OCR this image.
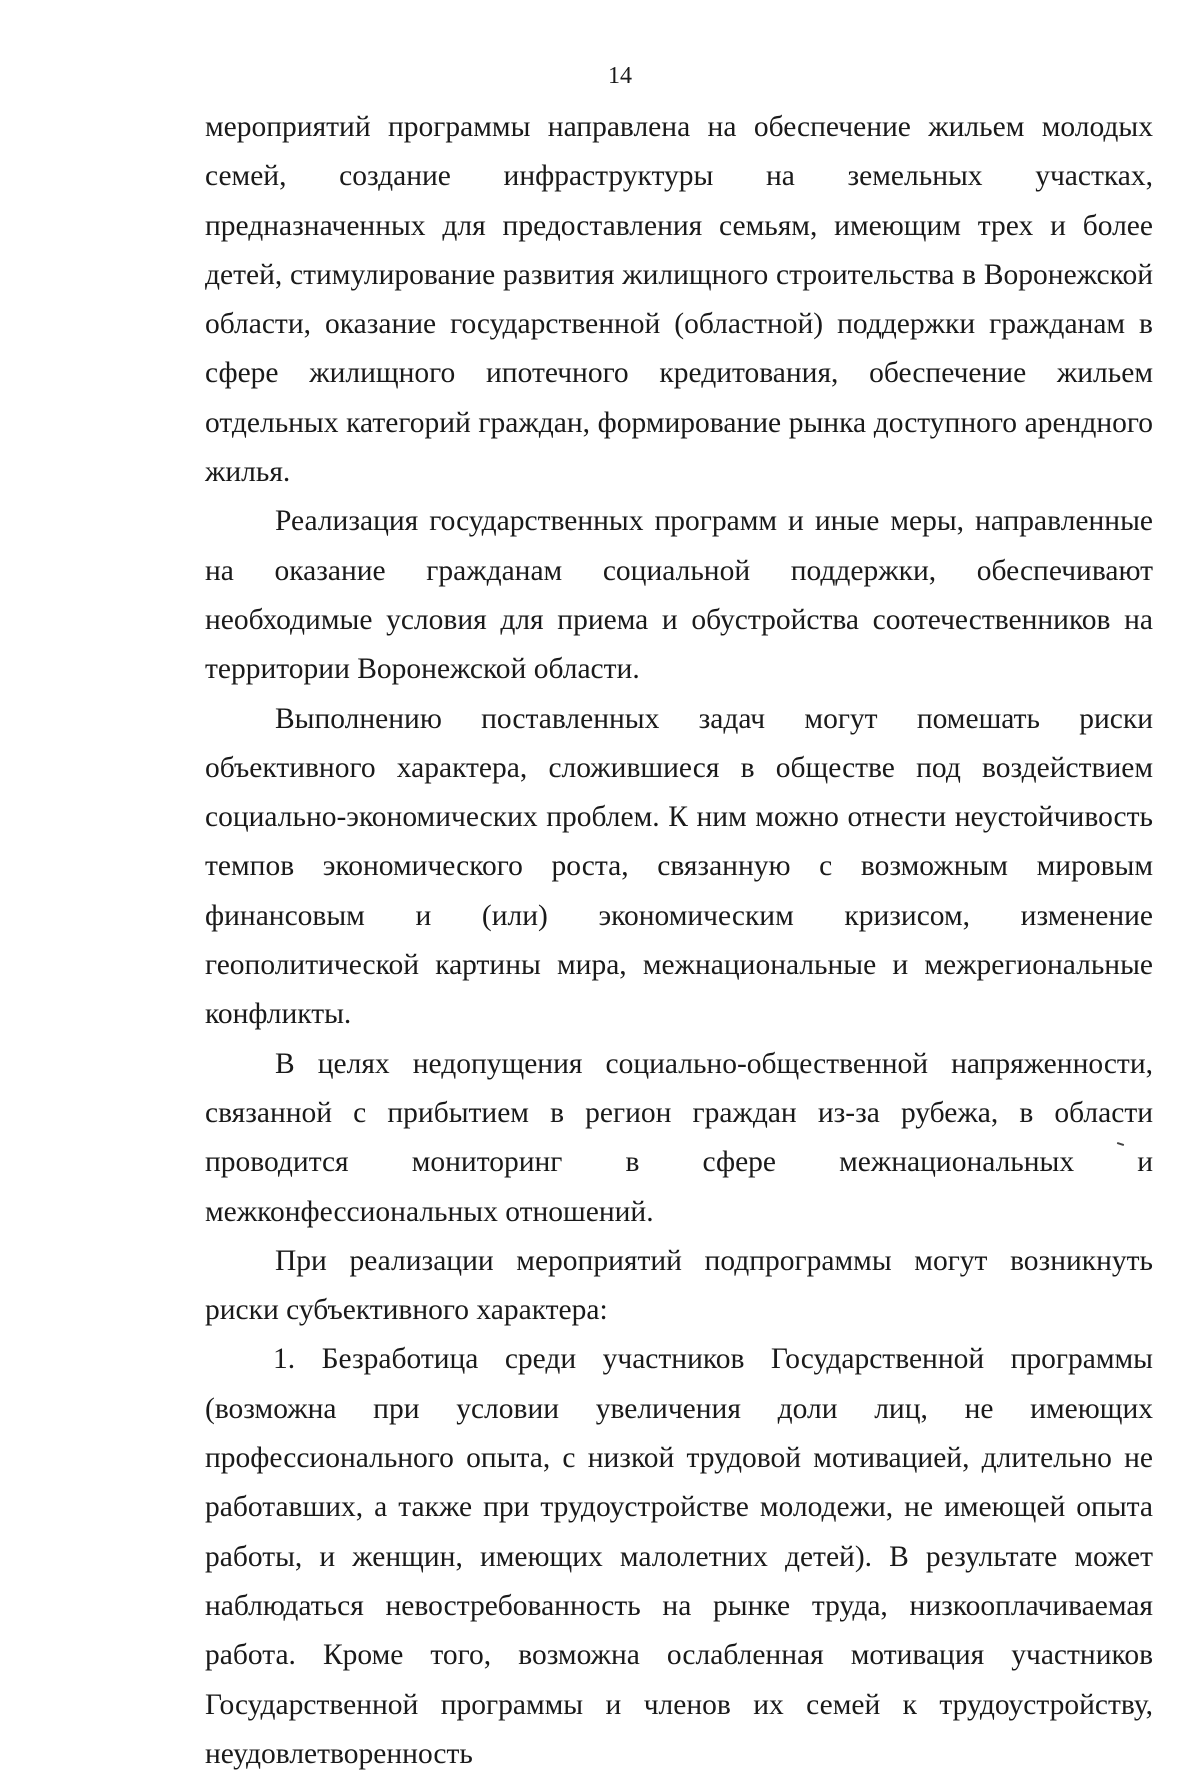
14

мероприятий программы направлена на обеспечение жильем молодых семей, создание инфраструктуры на земельных участках, предназначенных для предоставления семьям, имеющим трех и более детей, стимулирование развития жилищного строительства в Воронежской области, оказание государственной (областной) поддержки гражданам в сфере жилищного ипотечного кредитования, обеспечение жильем отдельных категорий граждан, формирование рынка доступного арендного жилья.

Реализация государственных программ и иные меры, направленные на оказание гражданам социальной поддержки, обеспечивают необходимые условия для приема и обустройства соотечественников на территории Воронежской области.

Выполнению поставленных задач могут помешать риски объективного характера, сложившиеся в обществе под воздействием социально-экономических проблем. К ним можно отнести неустойчивость темпов экономического роста, связанную с возможным мировым финансовым и (или) экономическим кризисом, изменение геополитической картины мира, межнациональные и межрегиональные конфликты.

В целях недопущения социально-общественной напряженности, связанной с прибытием в регион граждан из-за рубежа, в области проводится мониторинг в сфере межнациональных и межконфессиональных отношений.

При реализации мероприятий подпрограммы могут возникнуть риски субъективного характера:

1. Безработица среди участников Государственной программы (возможна при условии увеличения доли лиц, не имеющих профессионального опыта, с низкой трудовой мотивацией, длительно не работавших, а также при трудоустройстве молодежи, не имеющей опыта работы, и женщин, имеющих малолетних детей). В результате может наблюдаться невостребованность на рынке труда, низкооплачиваемая работа. Кроме того, возможна ослабленная мотивация участников Государственной программы и членов их семей к трудоустройству, неудовлетворенность
